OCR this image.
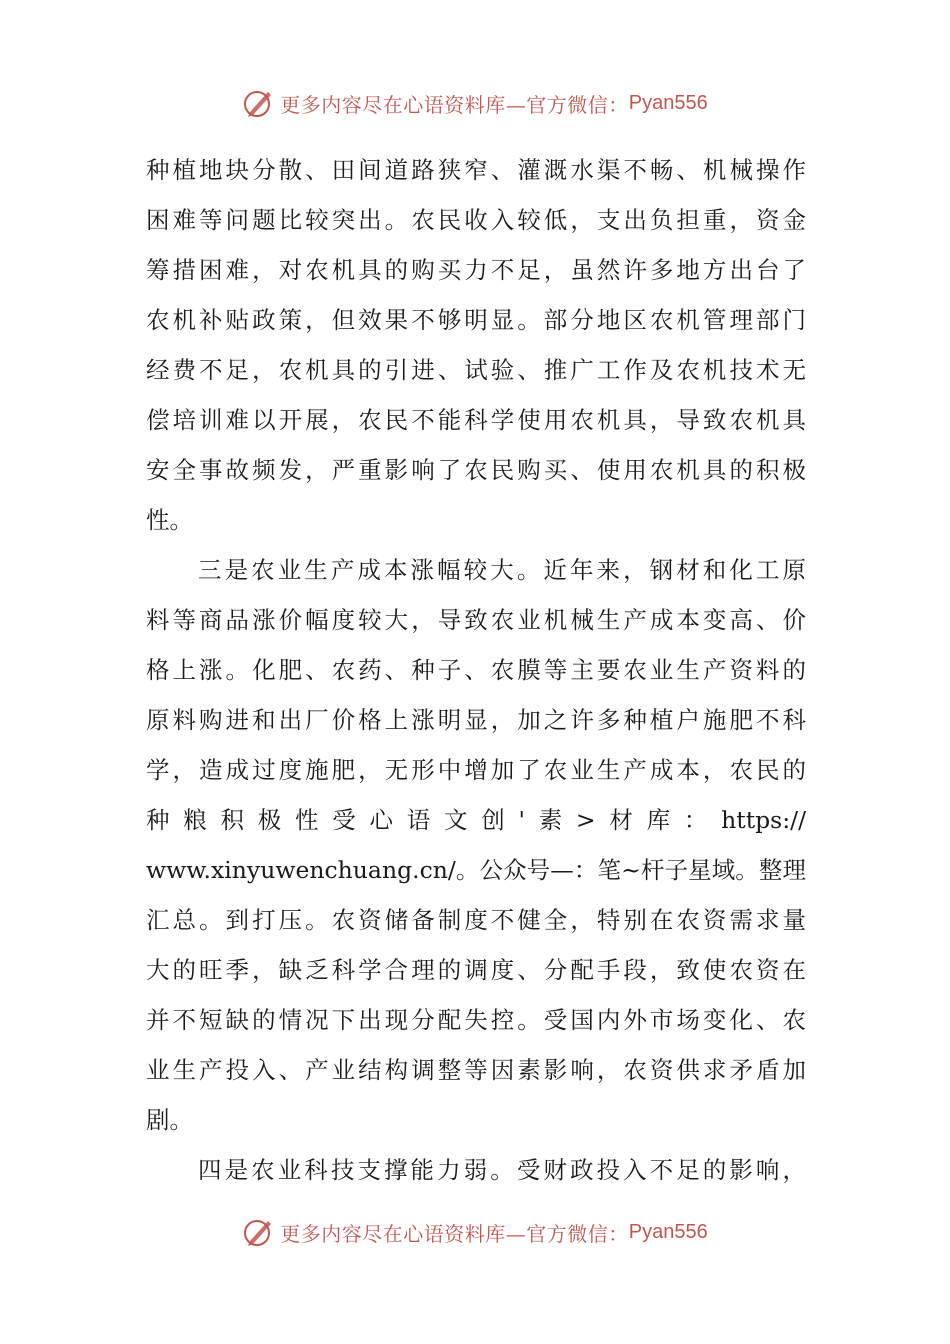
更多内容尽在心语资料库—官方微信： Pyan556
种植地块分散、田间道路狭窄、灌溉水渠不畅、机械操作
困难等问题比较突出。农民收入较低，支出负担重，资金
筹措困难，对农机具的购买力不足，虽然许多地方出台了
农机补贴政策，但效果不够明显。部分地区农机管理部门
经费不足，农机具的引进、试验、推广工作及农机技术无
偿培训难以开展，农民不能科学使用农机具，导致农机具
安全事故频发，严重影响了农民购买、使用农机具的积极
性。
三是农业生产成本涨幅较大。近年来，钢材和化工原
料等商品涨价幅度较大，导致农业机械生产成本变高、价
格上涨。化肥、农药、种子、农膜等主要农业生产资料的
原料购进和出厂价格上涨明显，加之许多种植户施肥不科
学，造成过度施肥，无形中增加了农业生产成本，农民的
种粮积极性受心语文创'素>材库：https://
www.xinyuwenchuang.cn/。公众号—：笔~杆子星域。整理
汇总。到打压。农资储备制度不健全，特别在农资需求量
大的旺季，缺乏科学合理的调度、分配手段，致使农资在
并不短缺的情况下出现分配失控。受国内外市场变化、农
业生产投入、产业结构调整等因素影响，农资供求矛盾加
剧。
四是农业科技支撑能力弱。受财政投入不足的影响，
更多内容尽在心语资料库—官方微信： Pyan556
